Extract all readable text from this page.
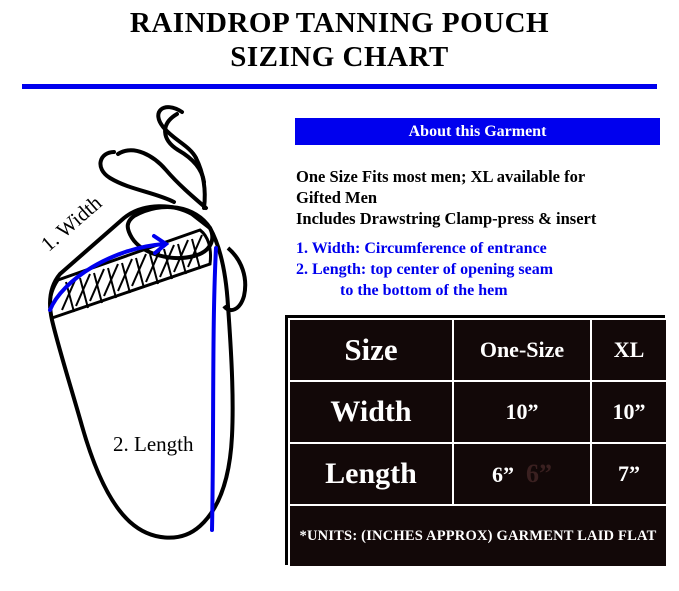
RAINDROP TANNING POUCH
SIZING CHART
1. Width
2. Length
About this Garment
One Size Fits most men; XL available for
Gifted Men
Includes Drawstring Clamp-press & insert
1. Width: Circumference of entrance
2. Length: top center of opening seam
to the bottom of the hem
Size	One-Size	XL
Width	10”	10”
Length	6” 6”	7”
*UNITS: (INCHES APPROX) GARMENT LAID FLAT		
